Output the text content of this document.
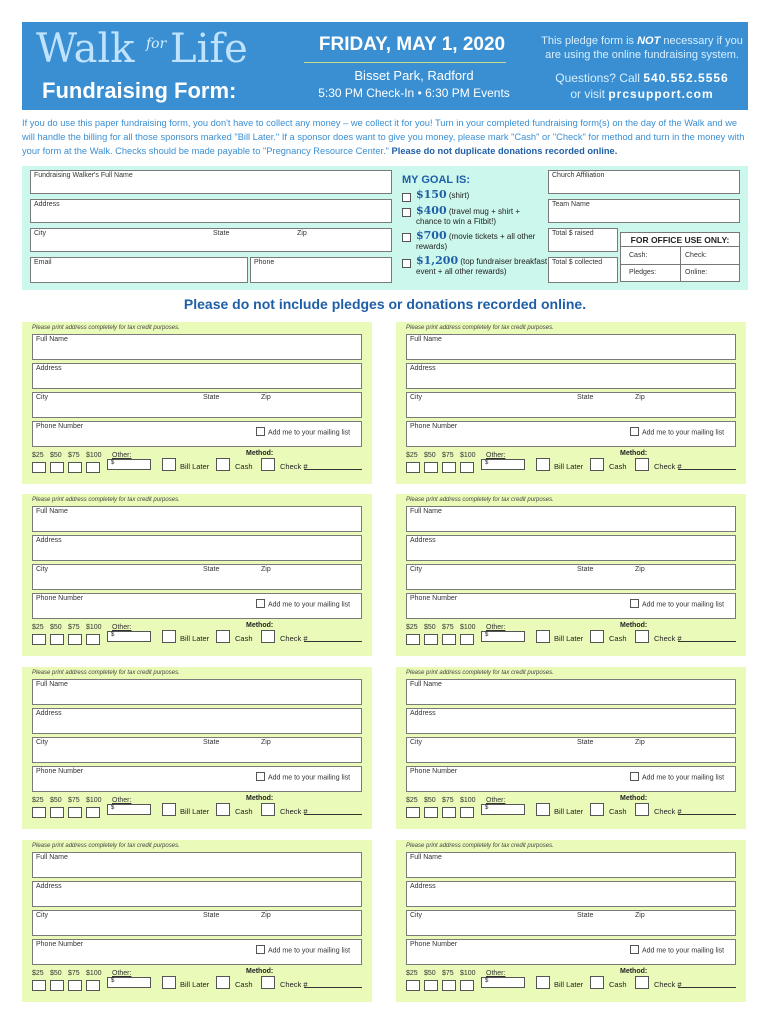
Walk for Life
Fundraising Form:
FRIDAY, MAY 1, 2020
Bisset Park, Radford
5:30 PM Check-In • 6:30 PM Events
This pledge form is NOT necessary if you are using the online fundraising system.
Questions? Call 540.552.5556
or visit prcsupport.com
If you do use this paper fundraising form, you don't have to collect any money – we collect it for you! Turn in your completed fundraising form(s) on the day of the Walk and we will handle the billing for all those sponsors marked "Bill Later." If a sponsor does want to give you money, please mark "Cash" or "Check" for method and turn in the money with your form at the Walk. Checks should be made payable to "Pregnancy Resource Center." Please do not duplicate donations recorded online.
Fundraising Walker's Full Name
Address
City	State	Zip
Email	Phone
MY GOAL IS:
$150 (shirt)
$400 (travel mug + shirt + chance to win a Fitbit!)
$700 (movie tickets + all other rewards)
$1,200 (top fundraiser breakfast event + all other rewards)
Church Affiliation
Team Name
Total $ raised
Total $ collected
FOR OFFICE USE ONLY:
Cash:	Check:
Pledges:	Online:
Please do not include pledges or donations recorded online.
Please print address completely for tax credit purposes.
Full Name
Address
City	State	Zip
Phone Number
Add me to your mailing list
$25 $50 $75 $100	Other:
$
Method:
Bill Later	Cash	Check #
Please print address completely for tax credit purposes.
Full Name
Address
City	State	Zip
Phone Number
Add me to your mailing list
$25 $50 $75 $100	Other:
$
Method:
Bill Later	Cash	Check #
Please print address completely for tax credit purposes.
Full Name
Address
City	State	Zip
Phone Number
Add me to your mailing list
$25 $50 $75 $100	Other:
$
Method:
Bill Later	Cash	Check #
Please print address completely for tax credit purposes.
Full Name
Address
City	State	Zip
Phone Number
Add me to your mailing list
$25 $50 $75 $100	Other:
$
Method:
Bill Later	Cash	Check #
Please print address completely for tax credit purposes.
Full Name
Address
City	State	Zip
Phone Number
Add me to your mailing list
$25 $50 $75 $100	Other:
$
Method:
Bill Later	Cash	Check #
Please print address completely for tax credit purposes.
Full Name
Address
City	State	Zip
Phone Number
Add me to your mailing list
$25 $50 $75 $100	Other:
$
Method:
Bill Later	Cash	Check #
Please print address completely for tax credit purposes.
Full Name
Address
City	State	Zip
Phone Number
Add me to your mailing list
$25 $50 $75 $100	Other:
$
Method:
Bill Later	Cash	Check #
Please print address completely for tax credit purposes.
Full Name
Address
City	State	Zip
Phone Number
Add me to your mailing list
$25 $50 $75 $100	Other:
$
Method:
Bill Later	Cash	Check #
